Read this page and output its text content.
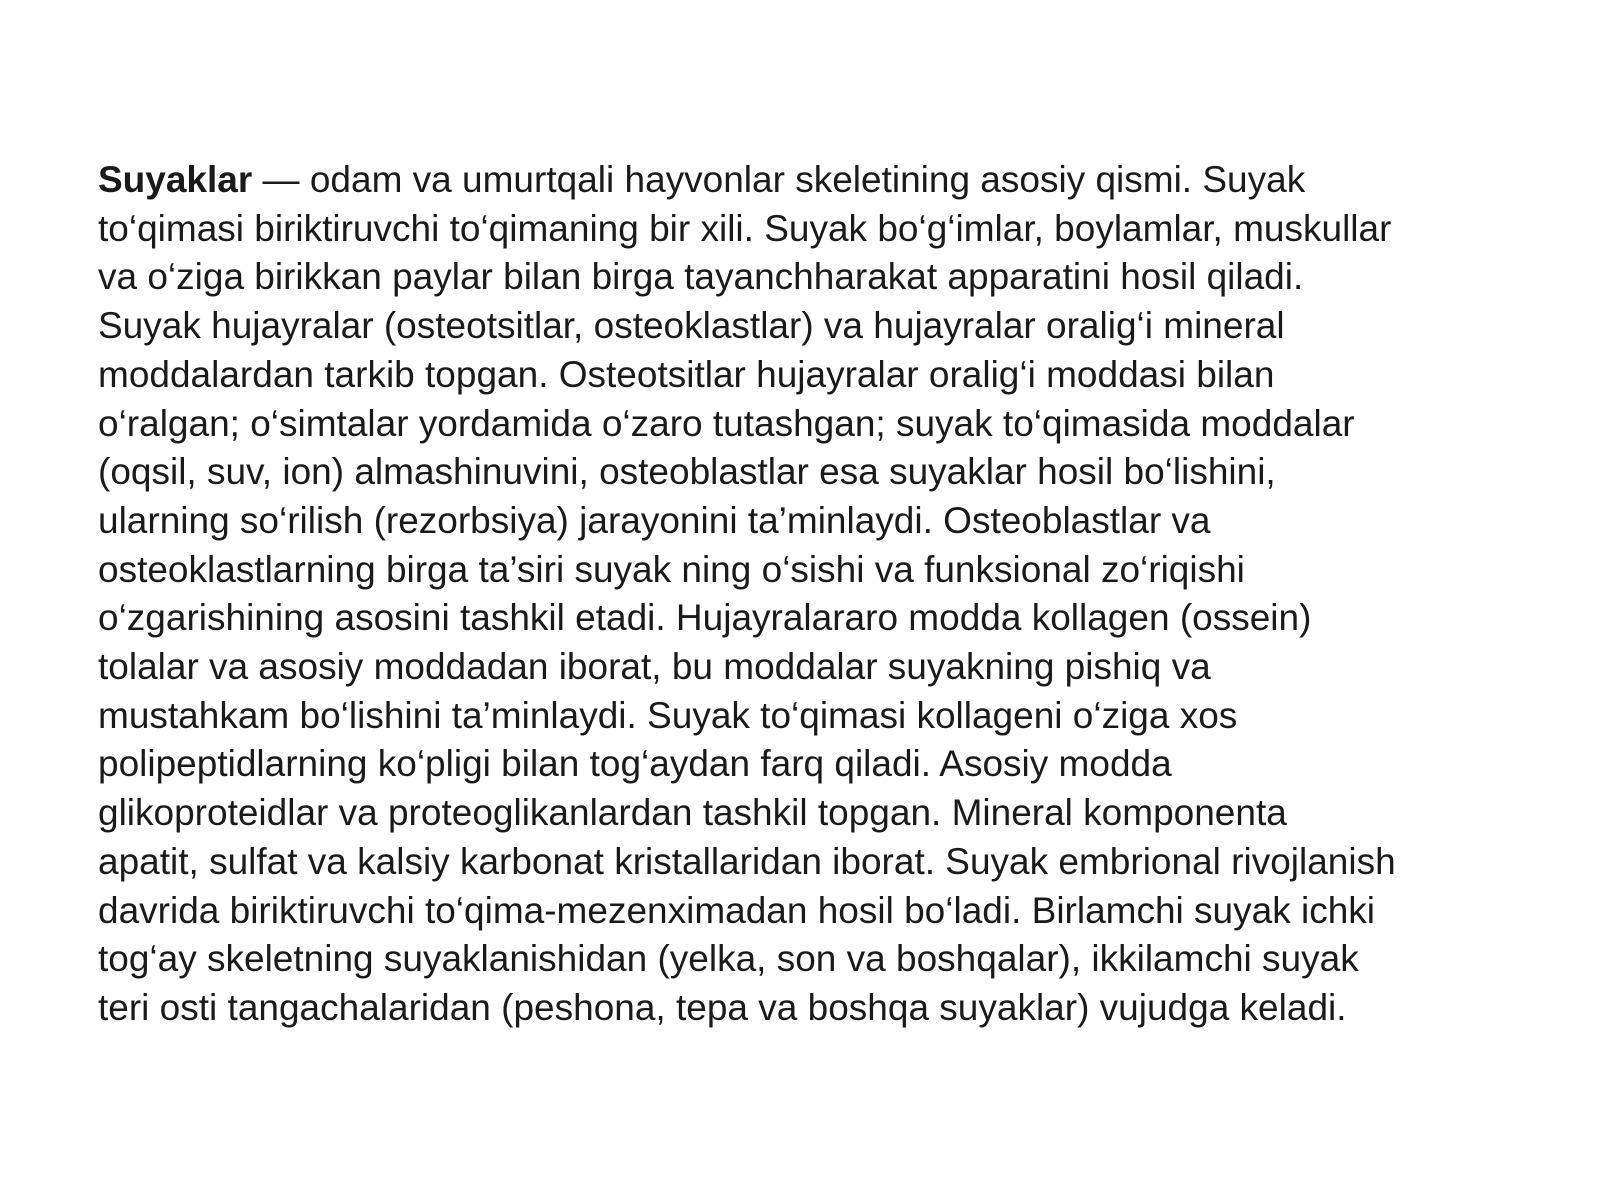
Suyaklar — odam va umurtqali hayvonlar skeletining asosiy qismi. Suyak
to‘qimasi biriktiruvchi to‘qimaning bir xili. Suyak bo‘g‘imlar, boylamlar, muskullar
va o‘ziga birikkan paylar bilan birga tayanchharakat apparatini hosil qiladi.
Suyak hujayralar (osteotsitlar, osteoklastlar) va hujayralar oralig‘i mineral
moddalardan tarkib topgan. Osteotsitlar hujayralar oralig‘i moddasi bilan
o‘ralgan; o‘simtalar yordamida o‘zaro tutashgan; suyak to‘qimasida moddalar
(oqsil, suv, ion) almashinuvini, osteoblastlar esa suyaklar hosil bo‘lishini,
ularning so‘rilish (rezorbsiya) jarayonini ta’minlaydi. Osteoblastlar va
osteoklastlarning birga ta’siri suyak ning o‘sishi va funksional zo‘riqishi
o‘zgarishining asosini tashkil etadi. Hujayralararo modda kollagen (ossein)
tolalar va asosiy moddadan iborat, bu moddalar suyakning pishiq va
mustahkam bo‘lishini ta’minlaydi. Suyak to‘qimasi kollageni o‘ziga xos
polipeptidlarning ko‘pligi bilan tog‘aydan farq qiladi. Asosiy modda
glikoproteidlar va proteoglikanlardan tashkil topgan. Mineral komponenta
apatit, sulfat va kalsiy karbonat kristallaridan iborat. Suyak embrional rivojlanish
davrida biriktiruvchi to‘qima-mezenximadan hosil bo‘ladi. Birlamchi suyak ichki
tog‘ay skeletning suyaklanishidan (yelka, son va boshqalar), ikkilamchi suyak
teri osti tangachalaridan (peshona, tepa va boshqa suyaklar) vujudga keladi.
